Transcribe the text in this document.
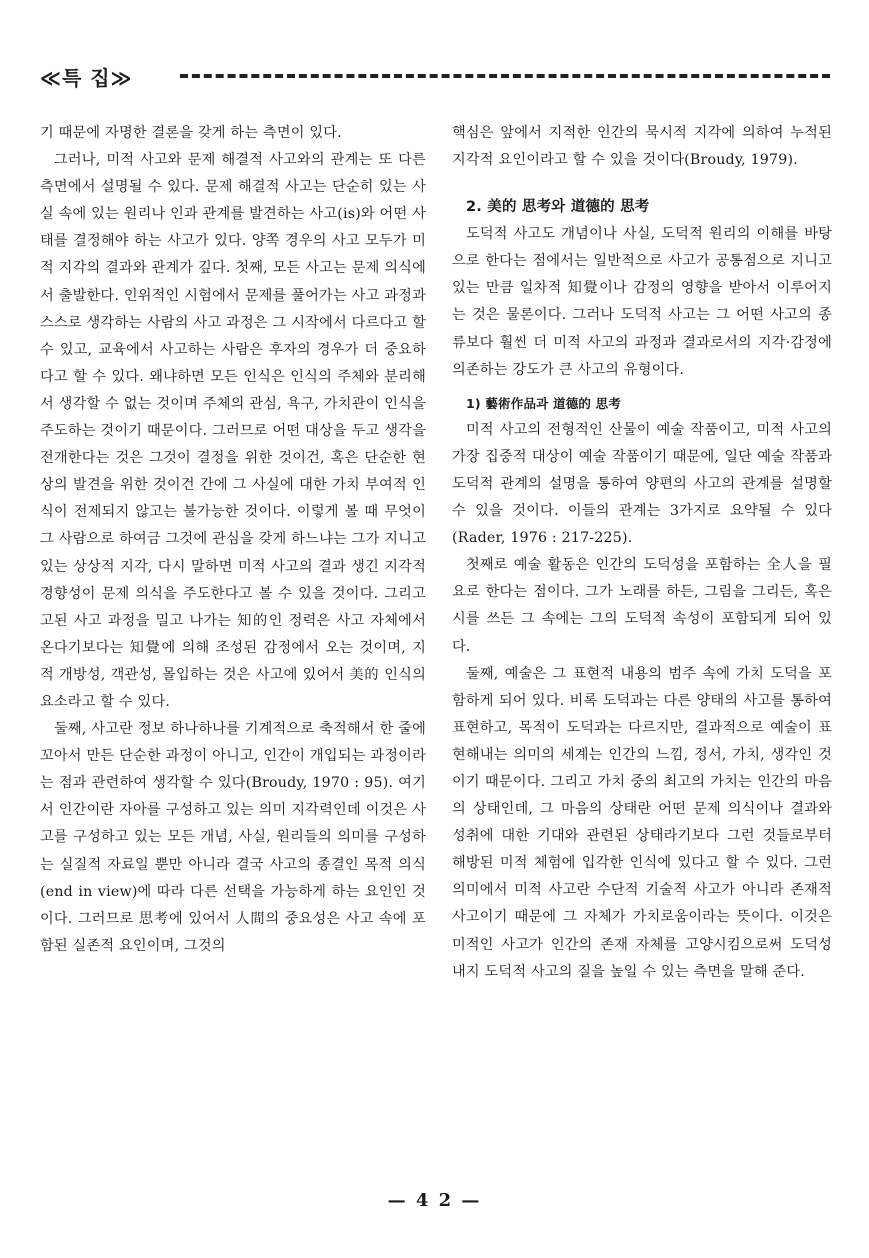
≪특 집≫

기 때문에 자명한 결론을 갖게 하는 측면이 있다.

그러나, 미적 사고와 문제 해결적 사고와의 관계는 또 다른 측면에서 설명될 수 있다. 문제 해결적 사고는 단순히 있는 사실 속에 있는 원리나 인과 관계를 발견하는 사고(is)와 어떤 사태를 결정해야 하는 사고가 있다. 양쪽 경우의 사고 모두가 미적 지각의 결과와 관계가 깊다. 첫째, 모든 사고는 문제 의식에서 출발한다. 인위적인 시험에서 문제를 풀어가는 사고 과정과 스스로 생각하는 사람의 사고 과정은 그 시작에서 다르다고 할 수 있고, 교육에서 사고하는 사람은 후자의 경우가 더 중요하다고 할 수 있다. 왜냐하면 모든 인식은 인식의 주체와 분리해서 생각할 수 없는 것이며 주체의 관심, 욕구, 가치관이 인식을 주도하는 것이기 때문이다. 그러므로 어떤 대상을 두고 생각을 전개한다는 것은 그것이 결정을 위한 것이건, 혹은 단순한 현상의 발견을 위한 것이건 간에 그 사실에 대한 가치 부여적 인식이 전제되지 않고는 불가능한 것이다. 이렇게 볼 때 무엇이 그 사람으로 하여금 그것에 관심을 갖게 하느냐는 그가 지니고 있는 상상적 지각, 다시 말하면 미적 사고의 결과 생긴 지각적 경향성이 문제 의식을 주도한다고 볼 수 있을 것이다. 그리고 고된 사고 과정을 밀고 나가는 知的인 정력은 사고 자체에서 온다기보다는 知覺에 의해 조성된 감정에서 오는 것이며, 지적 개방성, 객관성, 몰입하는 것은 사고에 있어서 美的 인식의 요소라고 할 수 있다.

둘째, 사고란 정보 하나하나를 기계적으로 축적해서 한 줄에 꼬아서 만든 단순한 과정이 아니고, 인간이 개입되는 과정이라는 점과 관련하여 생각할 수 있다(Broudy, 1970 : 95). 여기서 인간이란 자아를 구성하고 있는 의미 지각력인데 이것은 사고를 구성하고 있는 모든 개념, 사실, 원리들의 의미를 구성하는 실질적 자료일 뿐만 아니라 결국 사고의 종결인 목적 의식(end in view)에 따라 다른 선택을 가능하게 하는 요인인 것이다. 그러므로 思考에 있어서 人間의 중요성은 사고 속에 포함된 실존적 요인이며, 그것의

핵심은 앞에서 지적한 인간의 묵시적 지각에 의하여 누적된 지각적 요인이라고 할 수 있을 것이다(Broudy, 1979).

2. 美的 思考와 道德的 思考

도덕적 사고도 개념이나 사실, 도덕적 원리의 이해를 바탕으로 한다는 점에서는 일반적으로 사고가 공통점으로 지니고 있는 만큼 일차적 知覺이나 감정의 영향을 받아서 이루어지는 것은 물론이다. 그러나 도덕적 사고는 그 어떤 사고의 종류보다 훨씬 더 미적 사고의 과정과 결과로서의 지각·감정에 의존하는 강도가 큰 사고의 유형이다.

1) 藝術作品과 道德的 思考

미적 사고의 전형적인 산물이 예술 작품이고, 미적 사고의 가장 집중적 대상이 예술 작품이기 때문에, 일단 예술 작품과 도덕적 관계의 설명을 통하여 양편의 사고의 관계를 설명할 수 있을 것이다. 이들의 관계는 3가지로 요약될 수 있다(Rader, 1976 : 217-225).

첫째로 예술 활동은 인간의 도덕성을 포함하는 全人을 필요로 한다는 점이다. 그가 노래를 하든, 그림을 그리든, 혹은 시를 쓰든 그 속에는 그의 도덕적 속성이 포함되게 되어 있다.

둘째, 예술은 그 표현적 내용의 범주 속에 가치 도덕을 포함하게 되어 있다. 비록 도덕과는 다른 양태의 사고를 통하여 표현하고, 목적이 도덕과는 다르지만, 결과적으로 예술이 표현해내는 의미의 세계는 인간의 느낌, 정서, 가치, 생각인 것이기 때문이다. 그리고 가치 중의 최고의 가치는 인간의 마음의 상태인데, 그 마음의 상태란 어떤 문제 의식이나 결과와 성취에 대한 기대와 관련된 상태라기보다 그런 것들로부터 해방된 미적 체험에 입각한 인식에 있다고 할 수 있다. 그런 의미에서 미적 사고란 수단적 기술적 사고가 아니라 존재적 사고이기 때문에 그 자체가 가치로움이라는 뜻이다. 이것은 미적인 사고가 인간의 존재 자체를 고양시킴으로써 도덕성 내지 도덕적 사고의 질을 높일 수 있는 측면을 말해 준다.

— 4 2 —
